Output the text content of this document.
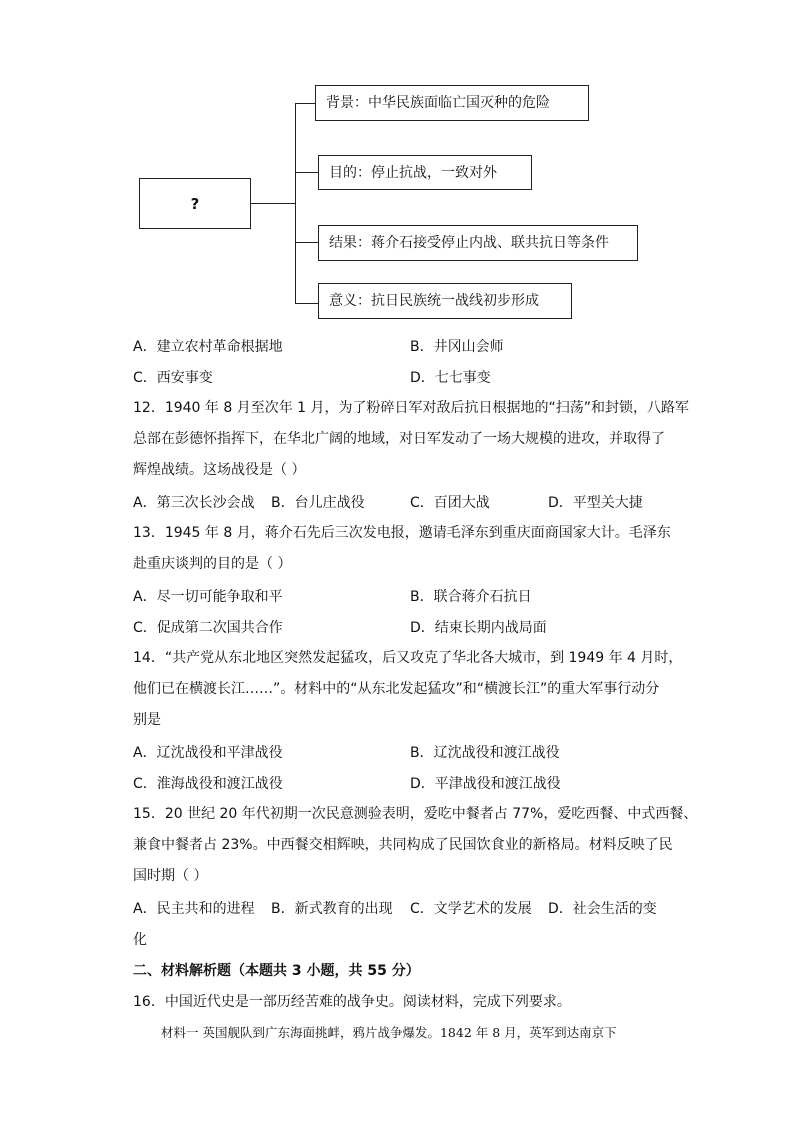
?
背景：中华民族面临亡国灭种的危险
目的：停止抗战，一致对外
结果：蒋介石接受停止内战、联共抗日等条件
意义：抗日民族统一战线初步形成
A．建立农村革命根据地	B．井冈山会师
C．西安事变	D．七七事变
12．1940 年 8 月至次年 1 月，为了粉碎日军对敌后抗日根据地的“扫荡”和封锁，八路军
总部在彭德怀指挥下，在华北广阔的地域，对日军发动了一场大规模的进攻，并取得了
辉煌战绩。这场战役是（ ）
A．第三次长沙会战 B．台儿庄战役	C．百团大战	D．平型关大捷
13．1945 年 8 月，蒋介石先后三次发电报，邀请毛泽东到重庆面商国家大计。毛泽东
赴重庆谈判的目的是（ ）
A．尽一切可能争取和平	B．联合蒋介石抗日
C．促成第二次国共合作	D．结束长期内战局面
14．“共产党从东北地区突然发起猛攻，后又攻克了华北各大城市，到 1949 年 4 月时，
他们已在横渡长江……”。材料中的“从东北发起猛攻”和“横渡长江”的重大军事行动分
别是
A．辽沈战役和平津战役	B．辽沈战役和渡江战役
C．淮海战役和渡江战役	D．平津战役和渡江战役
15．20 世纪 20 年代初期一次民意测验表明，爱吃中餐者占 77%，爱吃西餐、中式西餐、
兼食中餐者占 23%。中西餐交相辉映，共同构成了民国饮食业的新格局。材料反映了民
国时期（ ）
A．民主共和的进程 B．新式教育的出现 C．文学艺术的发展 D．社会生活的变
化
二、材料解析题（本题共 3 小题，共 55 分）
16．中国近代史是一部历经苦难的战争史。阅读材料，完成下列要求。
材料一 英国舰队到广东海面挑衅，鸦片战争爆发。1842 年 8 月，英军到达南京下
